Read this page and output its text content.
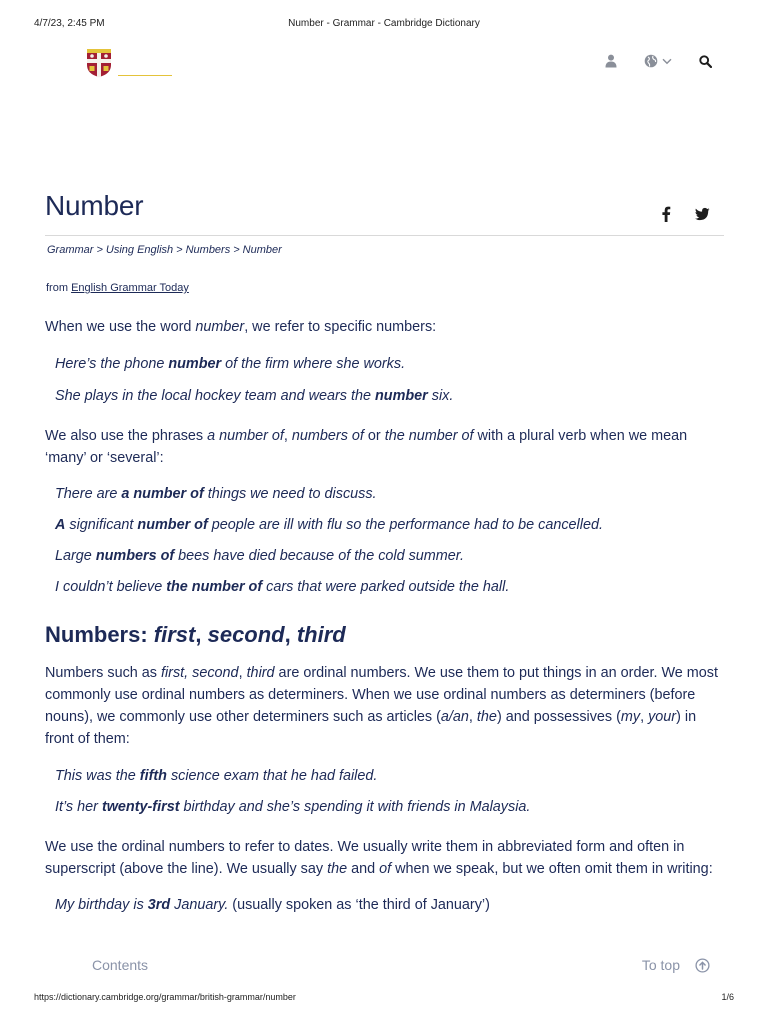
4/7/23, 2:45 PM	Number - Grammar - Cambridge Dictionary
Number
Grammar > Using English > Numbers > Number
from English Grammar Today

When we use the word number, we refer to specific numbers:

Here’s the phone number of the firm where she works.

She plays in the local hockey team and wears the number six.

We also use the phrases a number of, numbers of or the number of with a plural verb when we mean ‘many’ or ‘several’:

There are a number of things we need to discuss.

A significant number of people are ill with flu so the performance had to be cancelled.

Large numbers of bees have died because of the cold summer.

I couldn’t believe the number of cars that were parked outside the hall.

Numbers: first, second, third

Numbers such as first, second, third are ordinal numbers. We use them to put things in an order. We most commonly use ordinal numbers as determiners. When we use ordinal numbers as determiners (before nouns), we commonly use other determiners such as articles (a/an, the) and possessives (my, your) in front of them:

This was the fifth science exam that he had failed.

It’s her twenty-first birthday and she’s spending it with friends in Malaysia.

We use the ordinal numbers to refer to dates. We usually write them in abbreviated form and often in superscript (above the line). We usually say the and of when we speak, but we often omit them in writing:

My birthday is 3rd January. (usually spoken as ‘the third of January’)

Contents	To top
https://dictionary.cambridge.org/grammar/british-grammar/number	1/6
